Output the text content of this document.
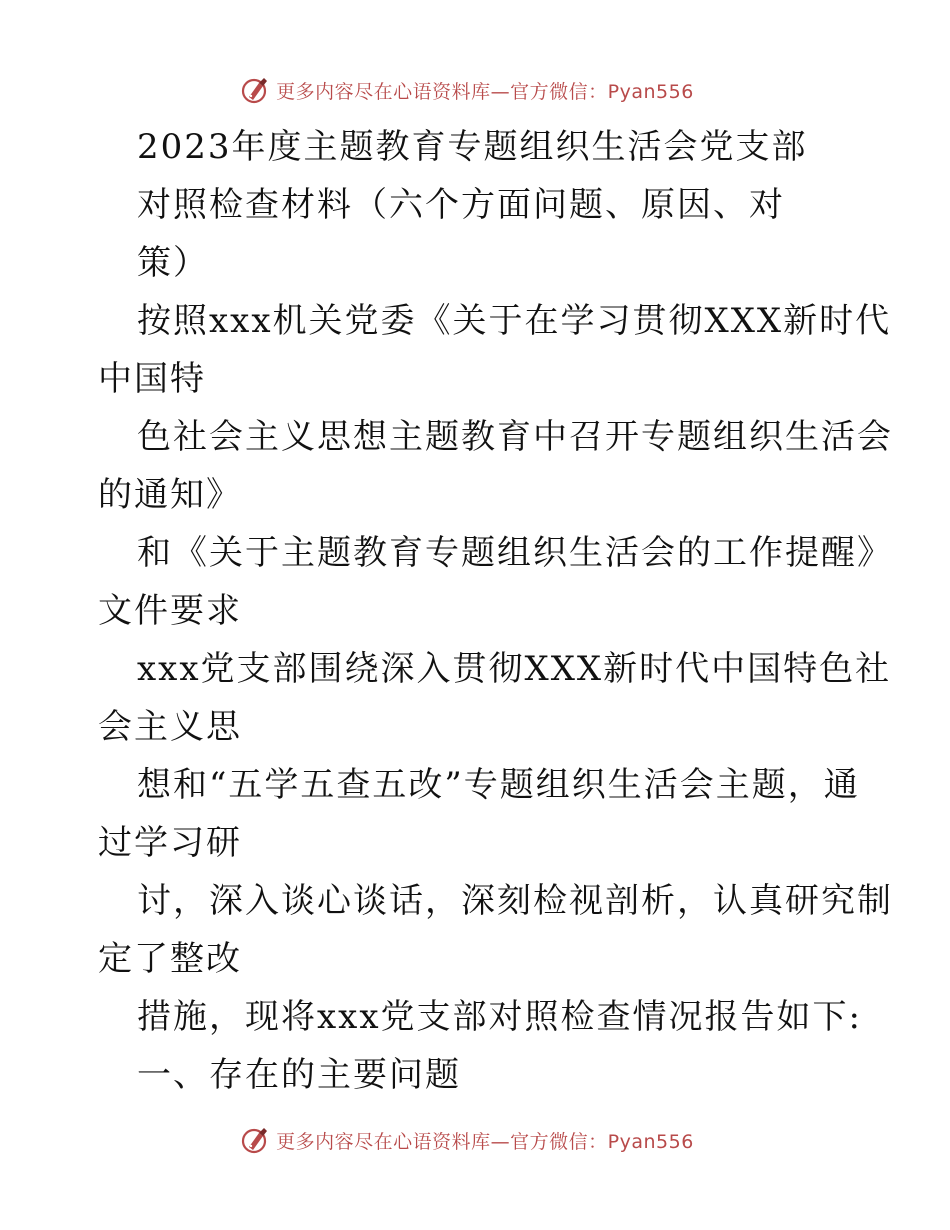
更多内容尽在心语资料库—官方微信：Pyan556
2023年度主题教育专题组织生活会党支部
对照检查材料（六个方面问题、原因、对
策）
按照xxx机关党委《关于在学习贯彻XXX新时代
中国特
色社会主义思想主题教育中召开专题组织生活会
的通知》
和《关于主题教育专题组织生活会的工作提醒》
文件要求
xxx党支部围绕深入贯彻XXX新时代中国特色社
会主义思
想和“五学五查五改”专题组织生活会主题，通
过学习研
讨，深入谈心谈话，深刻检视剖析，认真研究制
定了整改
措施，现将xxx党支部对照检查情况报告如下:
一、存在的主要问题
更多内容尽在心语资料库—官方微信：Pyan556
